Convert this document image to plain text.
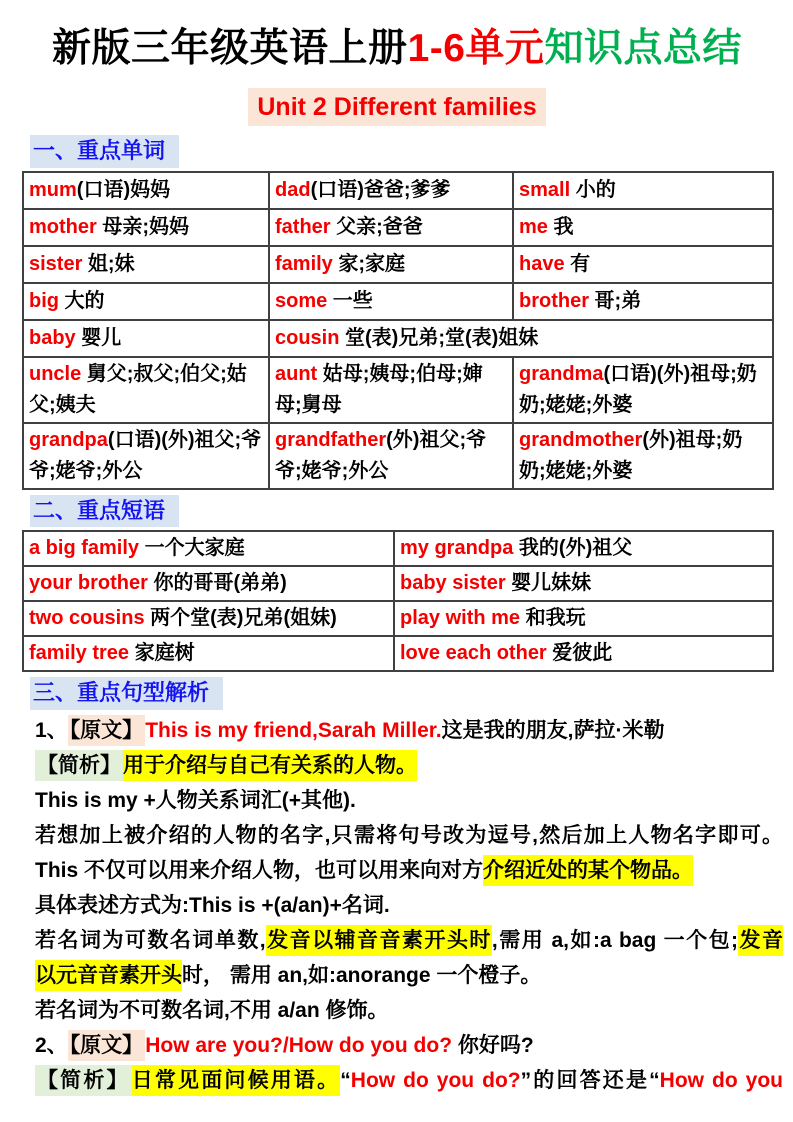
新版三年级英语上册1-6单元知识点总结
Unit 2 Different families
一、重点单词
mum(口语)妈妈	dad(口语)爸爸;爹爹	small 小的
mother 母亲;妈妈	father 父亲;爸爸	me 我
sister 姐;妹	family 家;家庭	have 有
big 大的	some 一些	brother 哥;弟
baby 婴儿	cousin 堂(表)兄弟;堂(表)姐妹	
uncle 舅父;叔父;伯父;姑父;姨夫	aunt 姑母;姨母;伯母;婶母;舅母	grandma(口语)(外)祖母;奶奶;姥姥;外婆
grandpa(口语)(外)祖父;爷爷;姥爷;外公	grandfather(外)祖父;爷爷;姥爷;外公	grandmother(外)祖母;奶奶;姥姥;外婆
二、重点短语
a big family 一个大家庭	my grandpa 我的(外)祖父
your brother 你的哥哥(弟弟)	baby sister 婴儿妹妹
two cousins 两个堂(表)兄弟(姐妹)	play with me 和我玩
family tree 家庭树	love each other 爱彼此
三、重点句型解析
1、【原文】This is my friend,Sarah Miller.这是我的朋友,萨拉·米勒
【简析】用于介绍与自己有关系的人物。
This is my +人物关系词汇(+其他).
若想加上被介绍的人物的名字,只需将句号改为逗号,然后加上人物名字即可。
This 不仅可以用来介绍人物，也可以用来向对方介绍近处的某个物品。
具体表述方式为:This is +(a/an)+名词.
若名词为可数名词单数,发音以辅音音素开头时,需用 a,如:a bag 一个包;发音
以元音音素开头时， 需用 an,如:anorange 一个橙子。
若名词为不可数名词,不用 a/an 修饰。
2、【原文】How are you?/How do you do? 你好吗?
【简析】日常见面问候用语。“How do you do?”的回答还是“How do you
